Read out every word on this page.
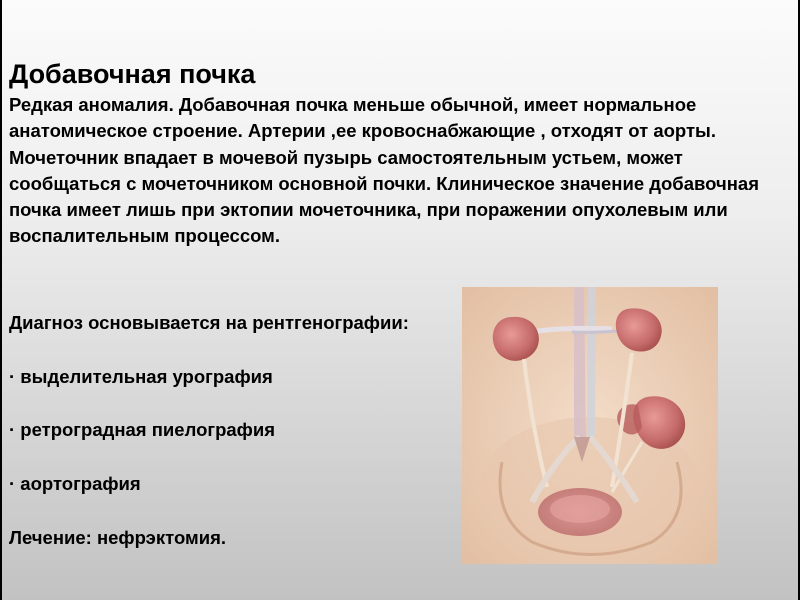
Добавочная почка

Редкая аномалия. Добавочная почка меньше обычной, имеет нормальное анатомическое строение. Артерии ,ее кровоснабжающие , отходят от аорты. Мочеточник впадает в мочевой пузырь самостоятельным устьем, может сообщаться с мочеточником основной почки. Клиническое значение добавочная почка имеет лишь при эктопии мочеточника, при поражении опухолевым или воспалительным процессом.

Диагноз основывается на рентгенографии:
· выделительная урография
· ретроградная пиелография
· аортография
Лечение: нефрэктомия.
